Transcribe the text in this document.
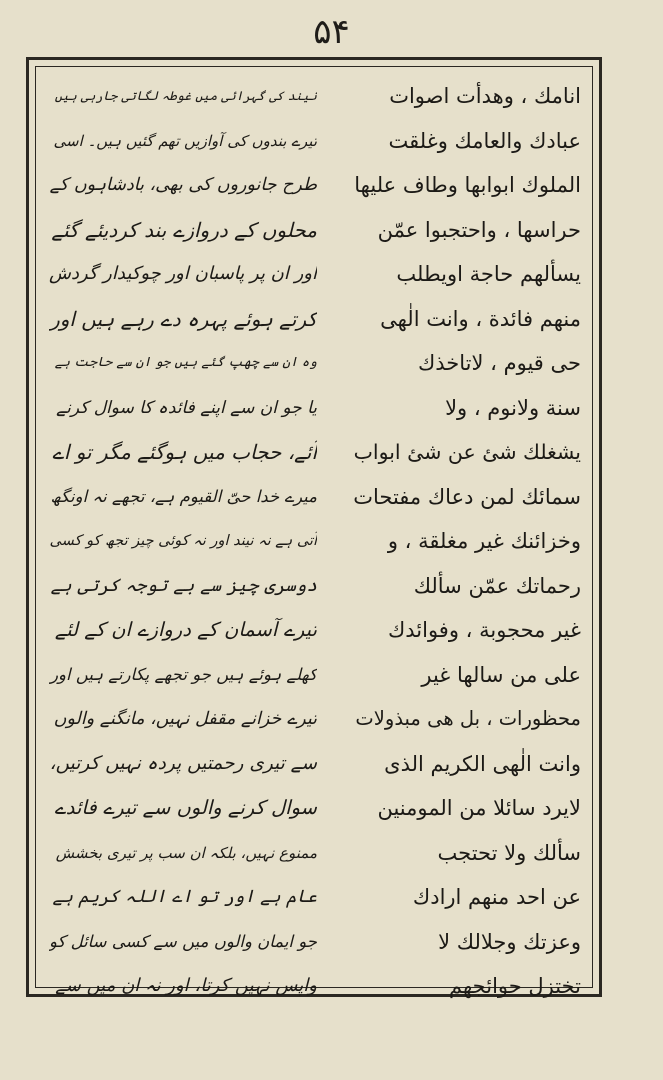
۵۴
انامك ، وهدأت اصوات
عبادك والعامك وغلقت
الملوك ابوابها وطاف عليها
حراسها ، واحتجبوا عمّن
يسألهم حاجة اويطلب
منهم فائدة ، وانت الٰهى
حى قيوم ، لاتاخذك
سنة ولانوم ، ولا
يشغلك شئ عن شئ ابواب
سمائك لمن دعاك مفتحات
وخزائنك غير مغلقة ، و
رحماتك عمّن سألك
غير محجوبة ، وفوائدك
على من سالها غير
محظورات ، بل هى مبذولات
وانت الٰهى الكريم الذى
لايرد سائلا من المومنين
سألك ولا تحتجب
عن احد منهم ارادك
وعزتك وجلالك لا
تختزل حوائجهم
نیند کی گہرائی میں غوطہ لگاتی جارہی ہیں
تیرے بندوں کی آوازیں تھم گئیں ہیں۔ اسی
طرح جانوروں کی بھی، بادشاہوں کے
محلوں کے دروازے بند کردیئے گئے
اور ان پر پاسبان اور چوکیدار گردش
کرتے ہوئے پہرہ دے رہے ہیں اور
وہ ان سے چھپ گئے ہیں جو ان سے حاجت ہے
یا جو ان سے اپنے فائدہ کا سوال کرنے
آئے، حجاب میں ہوگئے مگر تو اے
میرے خدا حیّ القیوم ہے، تجھے نہ اونگھ
آتی ہے نہ نیند اور نہ کوئی چیز تجھ کو کسی
دوسری چیز سے بے توجہ کرتی ہے
تیرے آسمان کے دروازے ان کے لئے
کھلے ہوئے ہیں جو تجھے پکارتے ہیں اور
تیرے خزانے مقفل نہیں، مانگنے والوں
سے تیری رحمتیں پردہ نہیں کرتیں،
سوال کرنے والوں سے تیرے فائدے
ممنوع نہیں، بلکہ ان سب پر تیری بخشش
عام ہے اور تو اے اللہ کریم ہے
جو ایمان والوں میں سے کسی سائل کو
واپس نہیں کرتا، اور نہ ان میں سے
